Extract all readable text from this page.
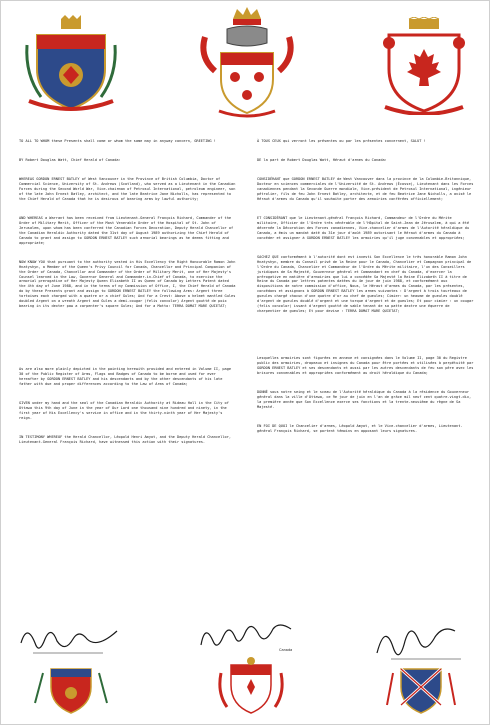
TO ALL TO WHOM these Presents shall come or whom the same may in anyway concern, GREETING !

BY Robert Douglas Watt, Chief Herald of Canada:

WHEREAS GORDON ERNEST BATLEY of West Vancouver in the Province of British Columbia, Doctor of Commercial Science, University of St. Andrews (Scotland), who served as a Lieutenant in the Canadian Forces during the Second World War, Vice-chairman of Petrosul International, petroleum engineer, son of the late John Ernest Batley, architect, and the late Beatrice Jane Nicholls, has represented to the Chief Herald of Canada that he is desirous of bearing arms by lawful authority;

AND WHEREAS a Warrant has been received from Lieutenant-General François Richard, Commander of the Order of Military Merit, Officer of the Most Venerable Order of the Hospital of St. John of Jerusalem, upon whom has been conferred the Canadian Forces Decoration, Deputy Herald Chancellor of the Canadian Heraldic Authority dated the 31st day of August 1989 authorizing the Chief Herald of Canada to grant and assign to GORDON ERNEST BATLEY such armorial bearings as he deems fitting and appropriate;

NOW KNOW YOU that pursuant to the authority vested in His Excellency the Right Honourable Ramon John Hnatyshyn, a Member of the Queen's Privy Council for Canada, Chancellor and Principal Companion of the Order of Canada, Chancellor and Commander of the Order of Military Merit, one of Her Majesty's Counsel learned in the Law, Governor General and Commander-in-Chief of Canada, to exercise the armorial prerogative of Her Majesty Queen Elizabeth II as Queen of Canada by Letters Patent dated the 4th day of June 1988, and in the terms of my Commission of Office, I, the Chief Herald of Canada do by these Presents grant and assign to GORDON ERNEST BATLEY the following Arms: Argent three tortoises each charged with a quatre or a chief Gules; And for a Crest: Above a helmet mantled Gules doubled Argent on a wreath Argent and Gules a demi-cougar (felis concolor) Argent goutté de poix bearing in its dexter paw a carpenter's square Gules; And for a Motto: TERRA DOMAT MARE QUIETAT;

As are also more plainly depicted in the painting herewith provided and entered in Volume II, page 30 of the Public Register of Arms, Flags and Badges of Canada to be borne and used for ever hereafter by GORDON ERNEST BATLEY and his descendants and by the other descendants of his late father with due and proper differences according to the Law of Arms of Canada;

GIVEN under my hand and the seal of the Canadian Heraldic Authority at Rideau Hall in the City of Ottawa this 9th day of June in the year of Our Lord one thousand nine hundred and ninety, in the first year of His Excellency's service in office and in the thirty-ninth year of Her Majesty's reign.

IN TESTIMONY WHEREOF the Herald Chancellor, Léopold Henri Amyot, and the Deputy Herald Chancellor, Lieutenant-General François Richard, have witnessed this action with their signatures.

À TOUS CEUX qui verront les présentes ou par les présentes concernent, SALUT !

DE la part de Robert Douglas Watt, Héraut d'armes du Canada:

CONSIDÉRANT que GORDON ERNEST BATLEY de West Vancouver dans la province de la Colombie-Britannique, Docteur en sciences commerciales de l'Université de St. Andrews (Écosse), Lieutenant dans les Forces canadiennes pendant la Seconde Guerre mondiale, Vice-président de Petrosul International, ingénieur pétrolier, fils de feu John Ernest Batley, architecte, et de feu Beatrice Jane Nicholls, a avisé le Héraut d'armes du Canada qu'il souhaite porter des armoiries conférées officiellement;

ET CONSIDÉRANT que le Lieutenant-général François Richard, Commandeur de l'Ordre du Mérite militaire, Officier de l'Ordre très vénérable de l'Hôpital de Saint-Jean de Jérusalem, à qui a été décernée la Décoration des Forces canadiennes, Vice-chancelier d'armes de l'Autorité héraldique du Canada, a émis un mandat daté du 31e jour d'août 1989 autorisant le Héraut d'armes du Canada à concéder et assigner à GORDON ERNEST BATLEY les armoiries qu'il juge convenables et appropriées;

SACHEZ QUE conformément à l'autorité dont est investi Son Excellence le très honorable Ramon John Hnatyshyn, membre du Conseil privé de la Reine pour le Canada, Chancelier et Compagnon principal de l'Ordre du Canada, Chancelier et Commandeur de l'Ordre du Mérite militaire, l'un des Conseillers juridiques de Sa Majesté, Gouverneur général et Commandant en chef du Canada, d'exercer la prérogative en matière d'armoiries que lui a concédée Sa Majesté la Reine Élizabeth II à titre de Reine du Canada par lettres patentes datées du 4e jour de juin 1988, et conformément aux dispositions de notre commission d'office, Nous, le Héraut d'armes du Canada, par les présentes, concédons et assignons à GORDON ERNEST BATLEY les armes suivantes : D'argent à trois tourteaux de gueules chargé chacun d'une quatre d'or au chef de gueules; Cimier: un heaume de gueules doublé d'argent de gueules doublé d'argent et une torque d'argent et de gueules; Et pour cimier : un cougar (felis concolor) issant d'argent goutté de sable tenant de sa patte dextre une équerre de charpentier de gueules; Et pour devise : TERRA DOMAT MARE QUIETAT;

Lesquelles armoiries sont figurées en annexe et consignées dans le Volume II, page 30 du Registre public des armoiries, drapeaux et insignes du Canada pour être portées et utilisées à perpétuité par GORDON ERNEST BATLEY et ses descendants et aussi par les autres descendants de feu son père avec les brisures convenables et appropriées conformément au droit héraldique du Canada;

DONNÉ sous notre seing et le sceau de l'Autorité héraldique du Canada à la résidence du Gouverneur général dans la ville d'Ottawa, ce 9e jour de juin en l'an de grâce mil neuf cent quatre-vingt-dix, la première année que Son Excellence exerce ses fonctions et la trente-neuvième du règne de Sa Majesté.

EN FOI DE QUOI le Chancelier d'armes, Léopold Amyot, et le Vice-chancelier d'armes, Lieutenant-général François Richard, se portent témoins en apposant leurs signatures.

Canada
